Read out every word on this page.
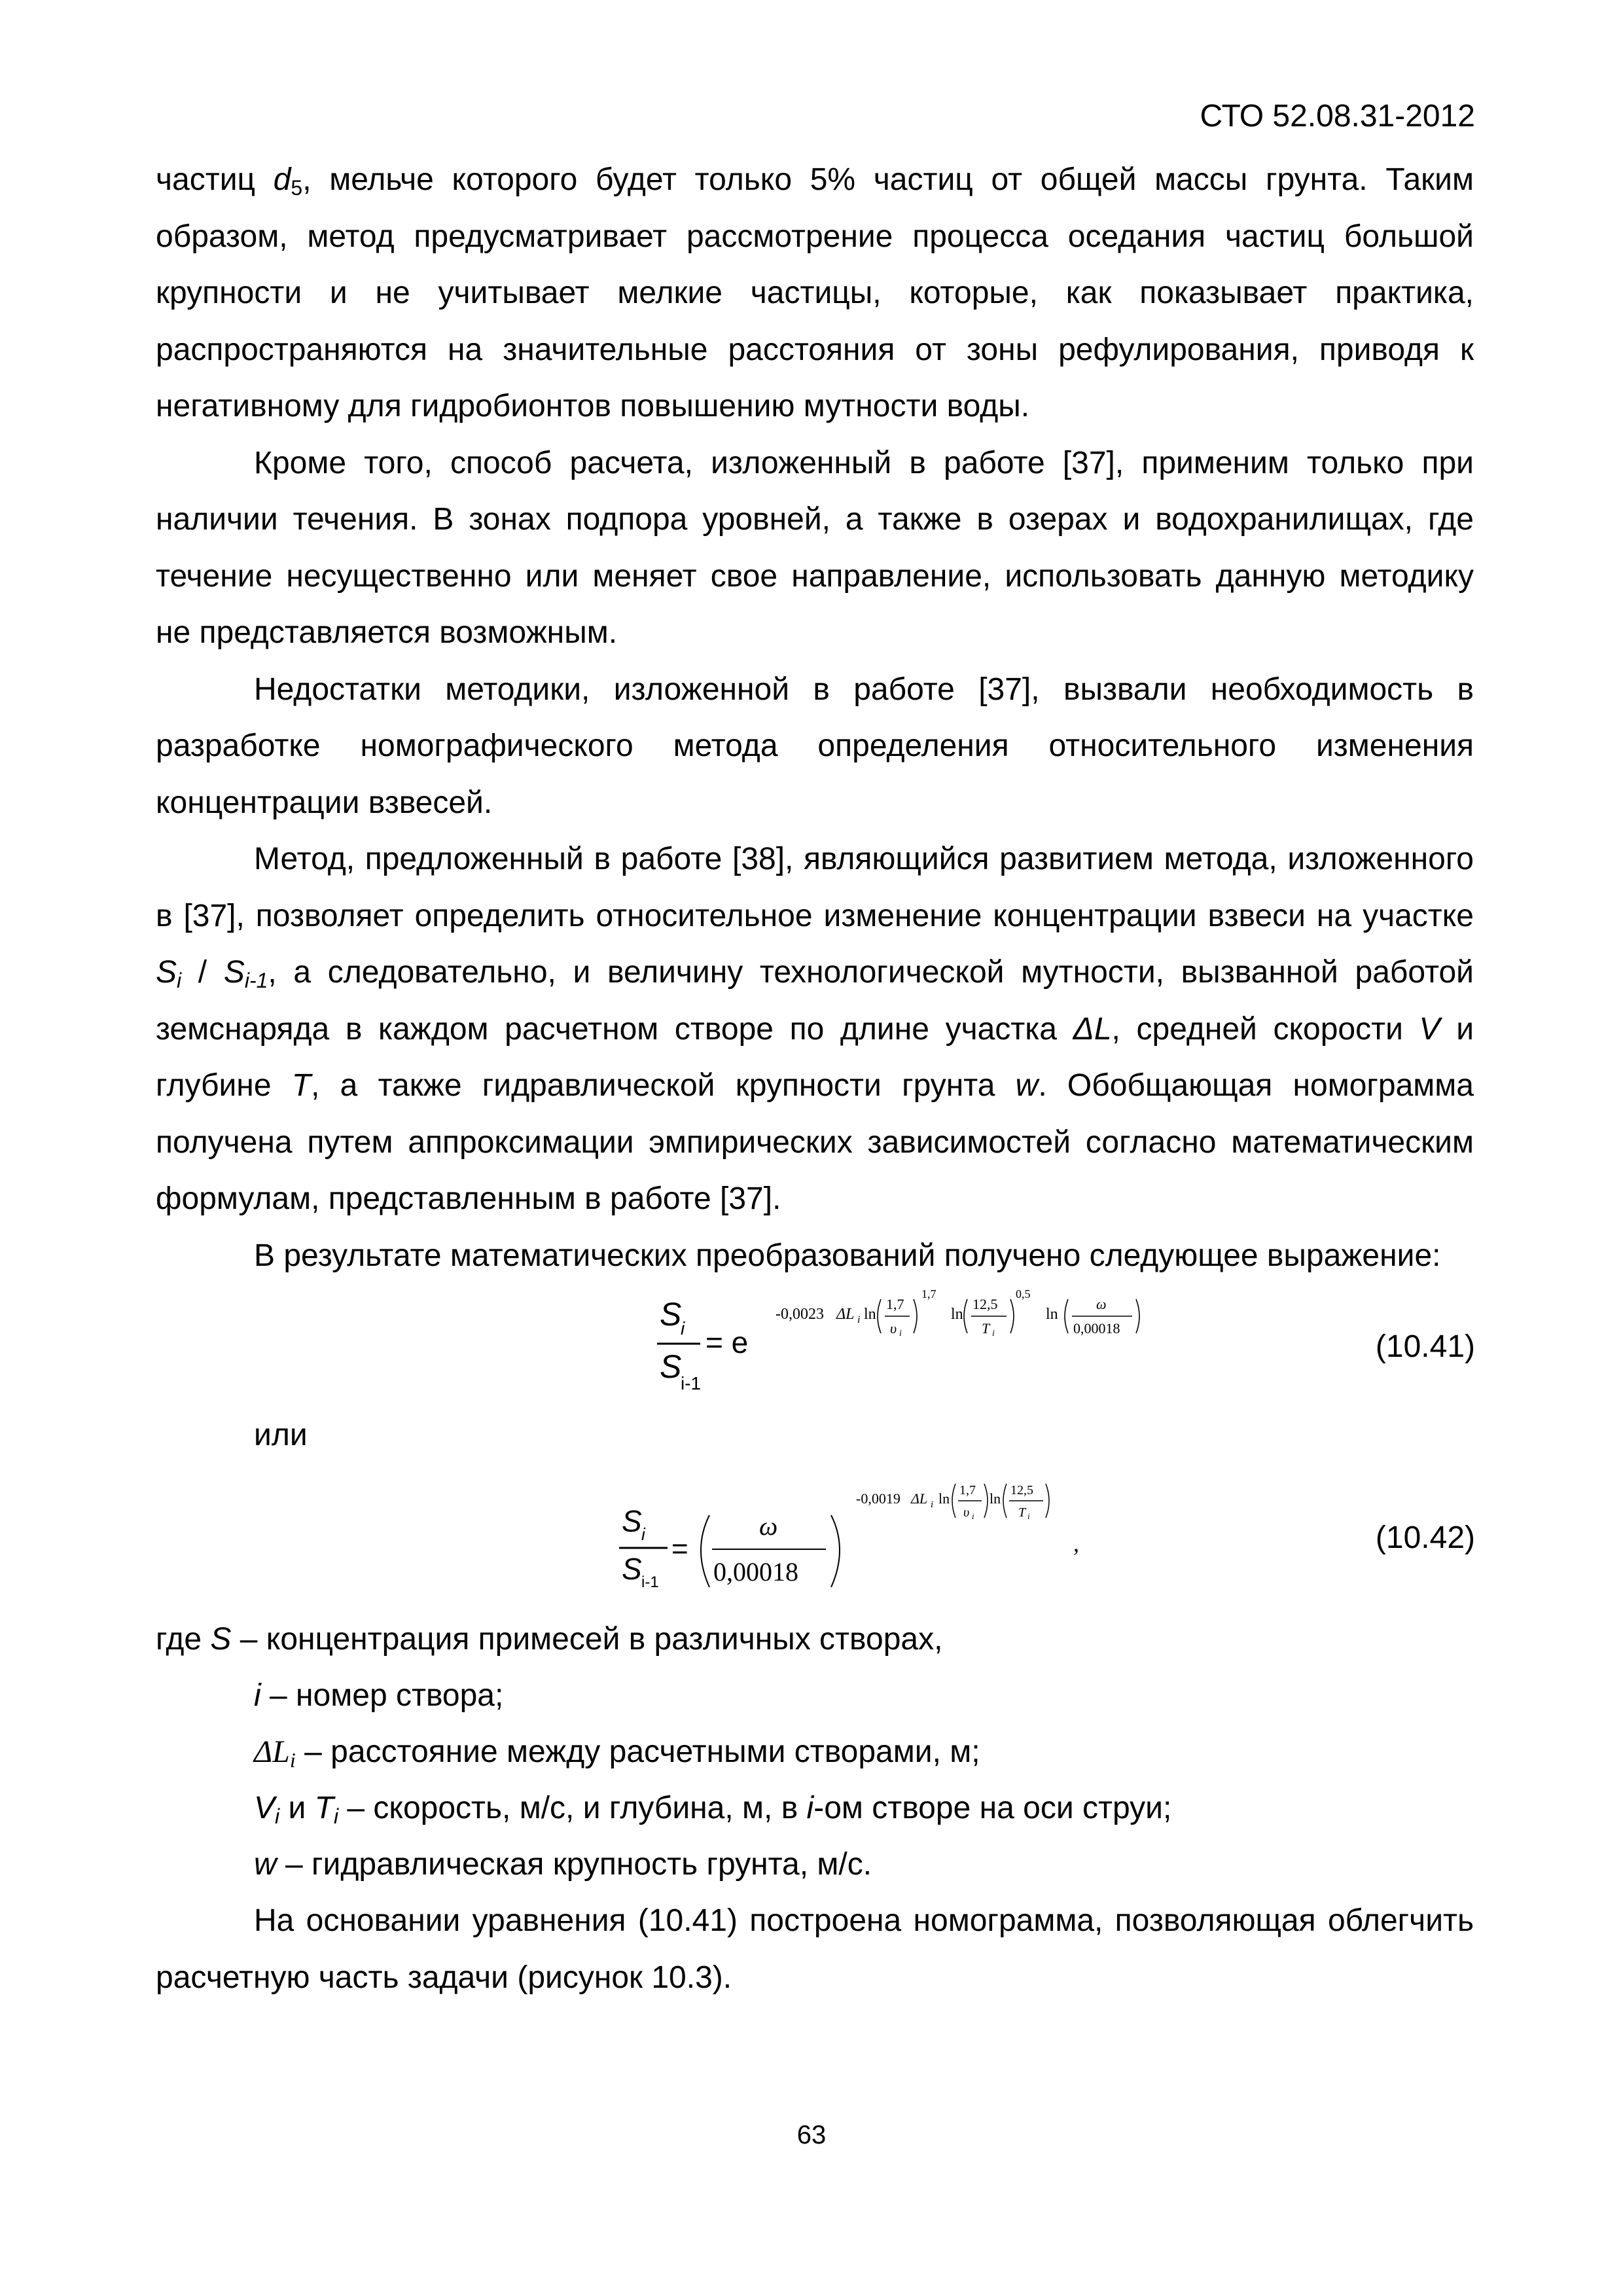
СТО 52.08.31-2012

частиц $d_5$, мельче которого будет только 5% частиц от общей массы грунта. Таким образом, метод предусматривает рассмотрение процесса оседания частиц большой крупности и не учитывает мелкие частицы, которые, как показывает практика, распространяются на значительные расстояния от зоны рефулирования, приводя к негативному для гидробионтов повышению мутности воды.

Кроме того, способ расчета, изложенный в работе [37], применим только при наличии течения. В зонах подпора уровней, а также в озерах и водохранилищах, где течение несущественно или меняет свое направление, использовать данную методику не представляется возможным.

Недостатки методики, изложенной в работе [37], вызвали необходимость в разработке номографического метода определения относительного изменения концентрации взвесей.

Метод, предложенный в работе [38], являющийся развитием метода, изложенного в [37], позволяет определить относительное изменение концентрации взвеси на участке $S_i / S_{i-1}$, а следовательно, и величину технологической мутности, вызванной работой земснаряда в каждом расчетном створе по длине участка ΔL, средней скорости V и глубине T, а также гидравлической крупности грунта w. Обобщающая номограмма получена путем аппроксимации эмпирических зависимостей согласно математическим формулам, представленным в работе [37].

В результате математических преобразований получено следующее выражение:

S
i
S
i-1
= e
-0,0023 ΔL i ln
1,7
υ i
1,7
ln
12,5
T i
0,5
ln
ω
0,00018
(10.41)
или
S i
S i-1
=
ω
0,00018
-0,0019 ΔL i ln 1,7
υ i
ln 12,5
T i
,	(10.42)
где S – концентрация примесей в различных створах,
i – номер створа;
$\Delta L_i$ – расстояние между расчетными створами, м;
$V_i$ и $T_i$ – скорость, м/с, и глубина, м, в i-ом створе на оси струи;
w – гидравлическая крупность грунта, м/с.

На основании уравнения (10.41) построена номограмма, позволяющая облегчить расчетную часть задачи (рисунок 10.3).

63
